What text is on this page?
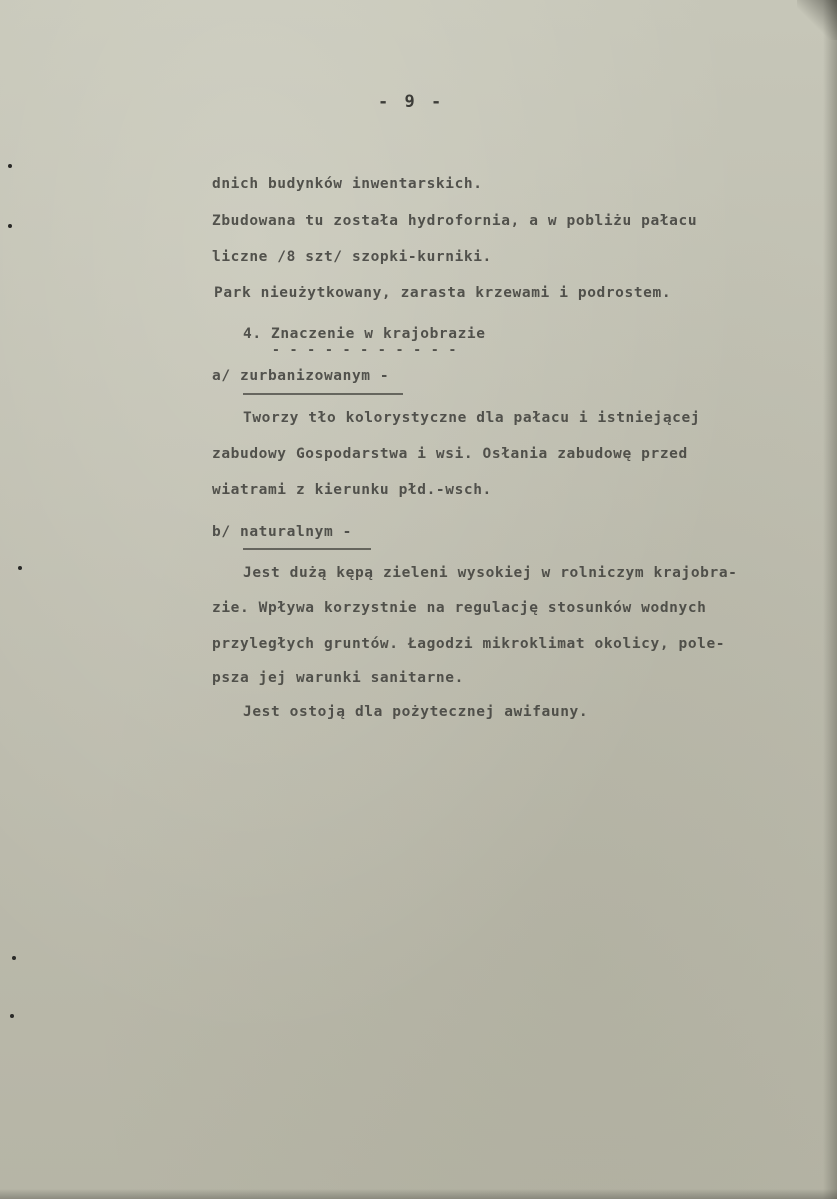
- 9 -
dnich budynków inwentarskich.
Zbudowana tu została hydrofornia, a w pobliżu pałacu
liczne /8 szt/ szopki-kurniki.
Park nieużytkowany, zarasta krzewami i podrostem.
4. Znaczenie w krajobrazie
- - - - - - - - - - -
a/ zurbanizowanym -
Tworzy tło kolorystyczne dla pałacu i istniejącej
zabudowy Gospodarstwa i wsi. Osłania zabudowę przed
wiatrami z kierunku płd.-wsch.
b/ naturalnym -
Jest dużą kępą zieleni wysokiej w rolniczym krajobra-
zie. Wpływa korzystnie na regulację stosunków wodnych
przyległych gruntów. Łagodzi mikroklimat okolicy, pole-
psza jej warunki sanitarne.
Jest ostoją dla pożytecznej awifauny.
